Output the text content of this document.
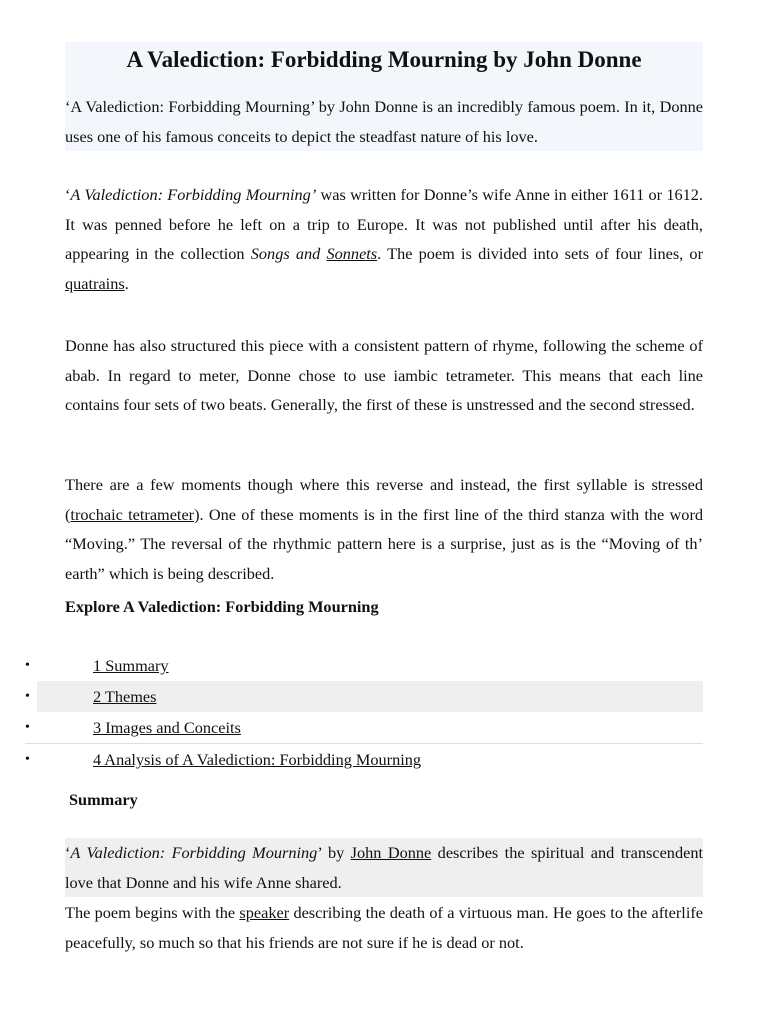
A Valediction: Forbidding Mourning by John Donne

‘A Valediction: Forbidding Mourning’ by John Donne is an incredibly famous poem. In it, Donne uses one of his famous conceits to depict the steadfast nature of his love.

‘A Valediction: Forbidding Mourning’ was written for Donne’s wife Anne in either 1611 or 1612. It was penned before he left on a trip to Europe. It was not published until after his death, appearing in the collection Songs and Sonnets. The poem is divided into sets of four lines, or quatrains.

Donne has also structured this piece with a consistent pattern of rhyme, following the scheme of abab. In regard to meter, Donne chose to use iambic tetrameter. This means that each line contains four sets of two beats. Generally, the first of these is unstressed and the second stressed.

There are a few moments though where this reverse and instead, the first syllable is stressed (trochaic tetrameter). One of these moments is in the first line of the third stanza with the word “Moving.” The reversal of the rhythmic pattern here is a surprise, just as is the “Moving of th’ earth” which is being described.

Explore A Valediction: Forbidding Mourning
•	1 Summary
•	2 Themes
•	3 Images and Conceits
•	4 Analysis of A Valediction: Forbidding Mourning
Summary

‘A Valediction: Forbidding Mourning’ by John Donne describes the spiritual and transcendent love that Donne and his wife Anne shared.

The poem begins with the speaker describing the death of a virtuous man. He goes to the afterlife peacefully, so much so that his friends are not sure if he is dead or not.
